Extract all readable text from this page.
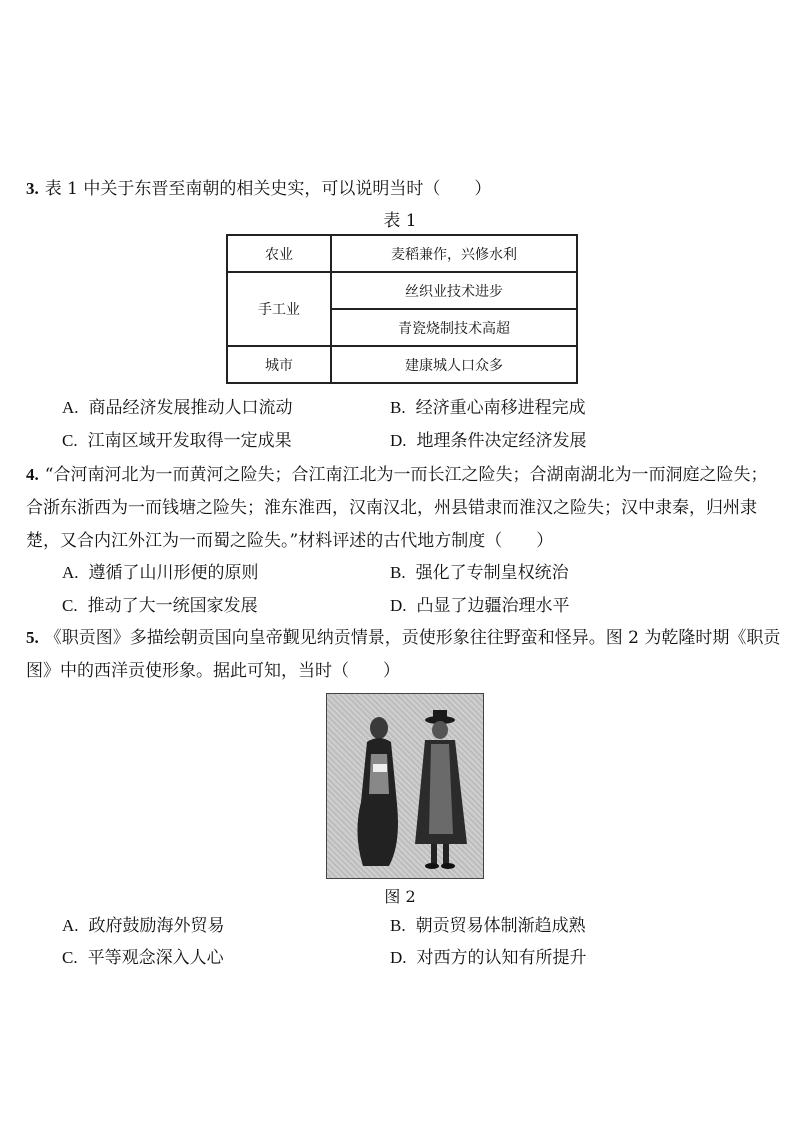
3. 表 1 中关于东晋至南朝的相关史实，可以说明当时（　　）

表 1
农业	麦稻兼作，兴修水利
手工业	丝织业技术进步
	青瓷烧制技术高超
城市	建康城人口众多
A. 商品经济发展推动人口流动	B. 经济重心南移进程完成
C. 江南区域开发取得一定成果	D. 地理条件决定经济发展

4. “合河南河北为一而黄河之险失；合江南江北为一而长江之险失；合湖南湖北为一而洞庭之险失；合浙东浙西为一而钱塘之险失；淮东淮西，汉南汉北，州县错隶而淮汉之险失；汉中隶秦，归州隶楚，又合内江外江为一而蜀之险失。”材料评述的古代地方制度（　　）

A. 遵循了山川形便的原则	B. 强化了专制皇权统治
C. 推动了大一统国家发展	D. 凸显了边疆治理水平

5. 《职贡图》多描绘朝贡国向皇帝觐见纳贡情景，贡使形象往往野蛮和怪异。图 2 为乾隆时期《职贡图》中的西洋贡使形象。据此可知，当时（　　）

图 2
A. 政府鼓励海外贸易	B. 朝贡贸易体制渐趋成熟
C. 平等观念深入人心	D. 对西方的认知有所提升
